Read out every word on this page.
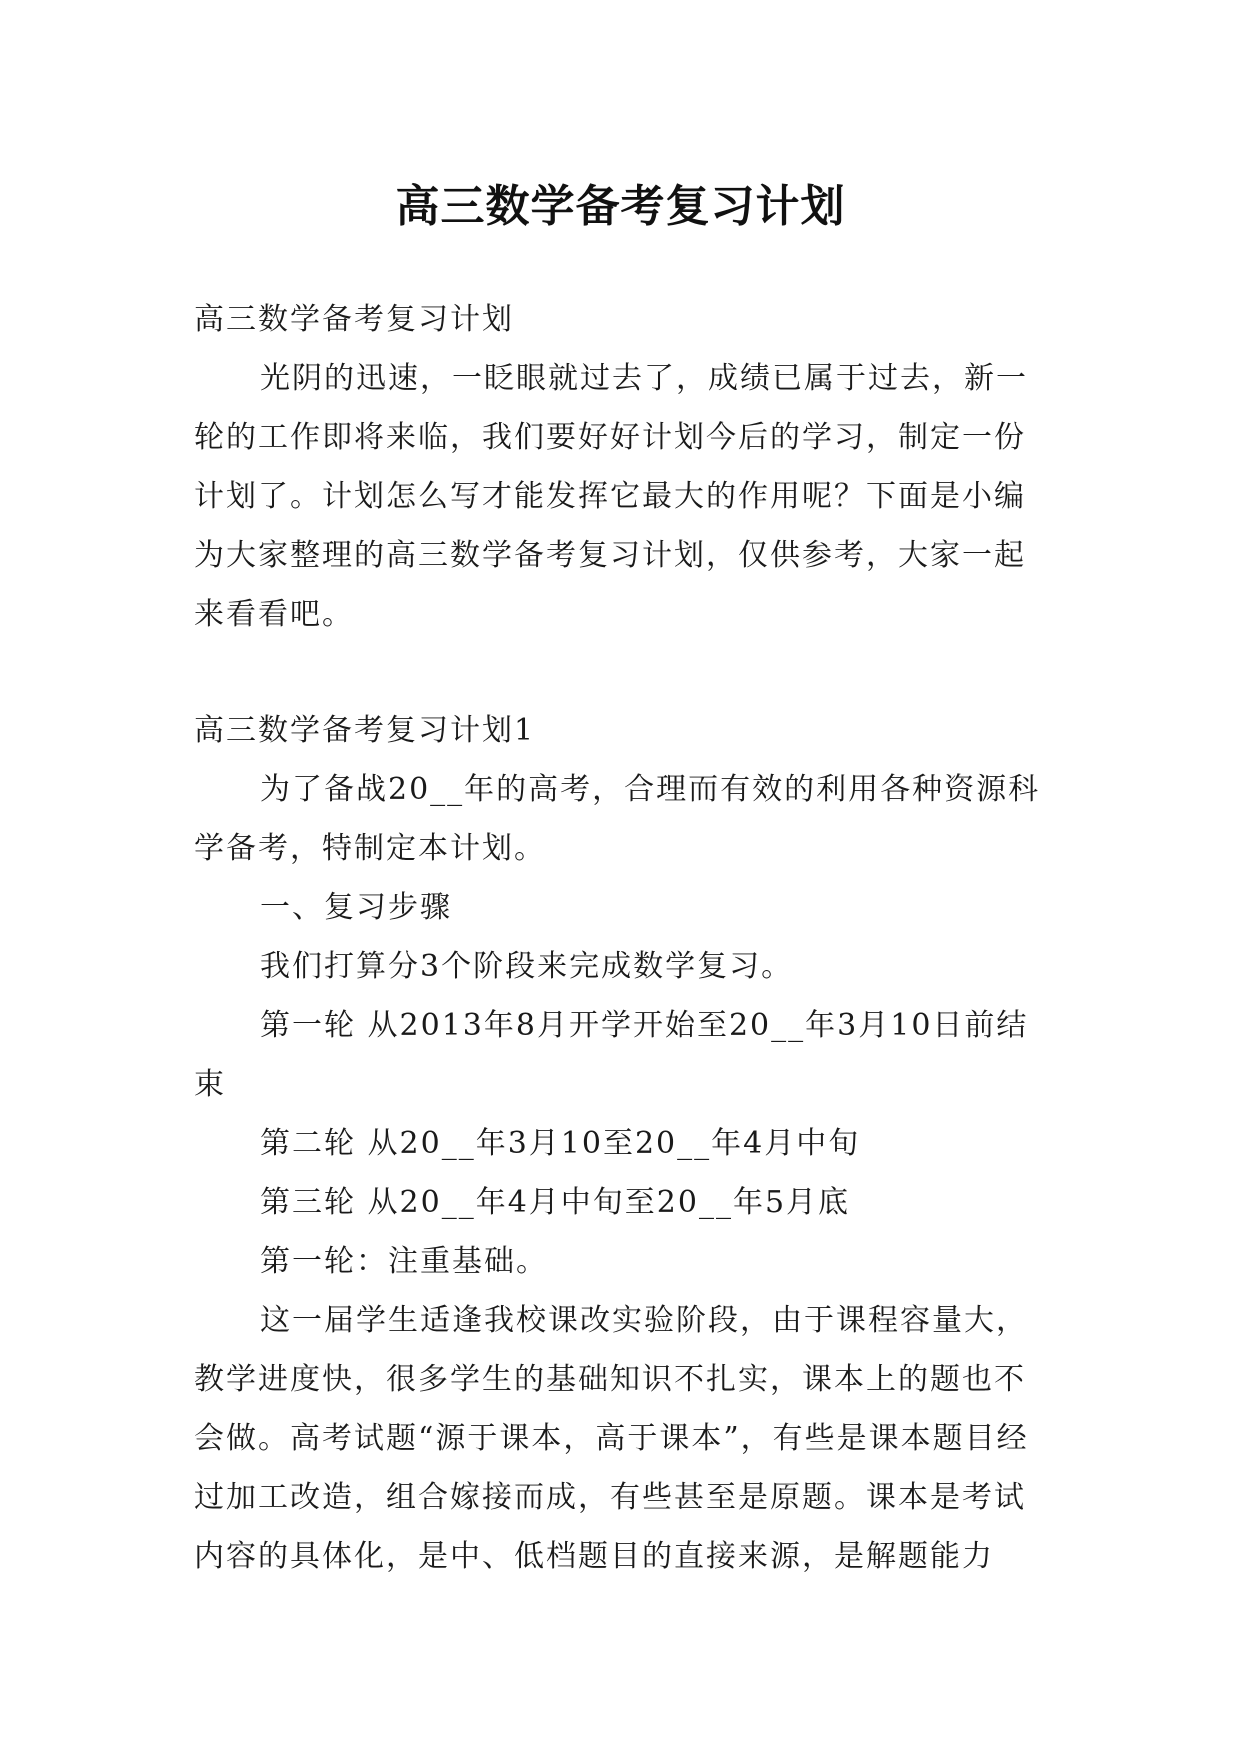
高三数学备考复习计划

高三数学备考复习计划

光阴的迅速，一眨眼就过去了，成绩已属于过去，新一轮的工作即将来临，我们要好好计划今后的学习，制定一份计划了。计划怎么写才能发挥它最大的作用呢？下面是小编为大家整理的高三数学备考复习计划，仅供参考，大家一起来看看吧。

高三数学备考复习计划1

为了备战20__年的高考，合理而有效的利用各种资源科学备考，特制定本计划。

一、复习步骤

我们打算分3个阶段来完成数学复习。

第一轮 从2013年8月开学开始至20__年3月10日前结束

第二轮 从20__年3月10至20__年4月中旬

第三轮 从20__年4月中旬至20__年5月底

第一轮：注重基础。

这一届学生适逢我校课改实验阶段，由于课程容量大，教学进度快，很多学生的基础知识不扎实，课本上的题也不会做。高考试题“源于课本，高于课本”，有些是课本题目经过加工改造，组合嫁接而成，有些甚至是原题。课本是考试内容的具体化，是中、低档题目的直接来源，是解题能力
